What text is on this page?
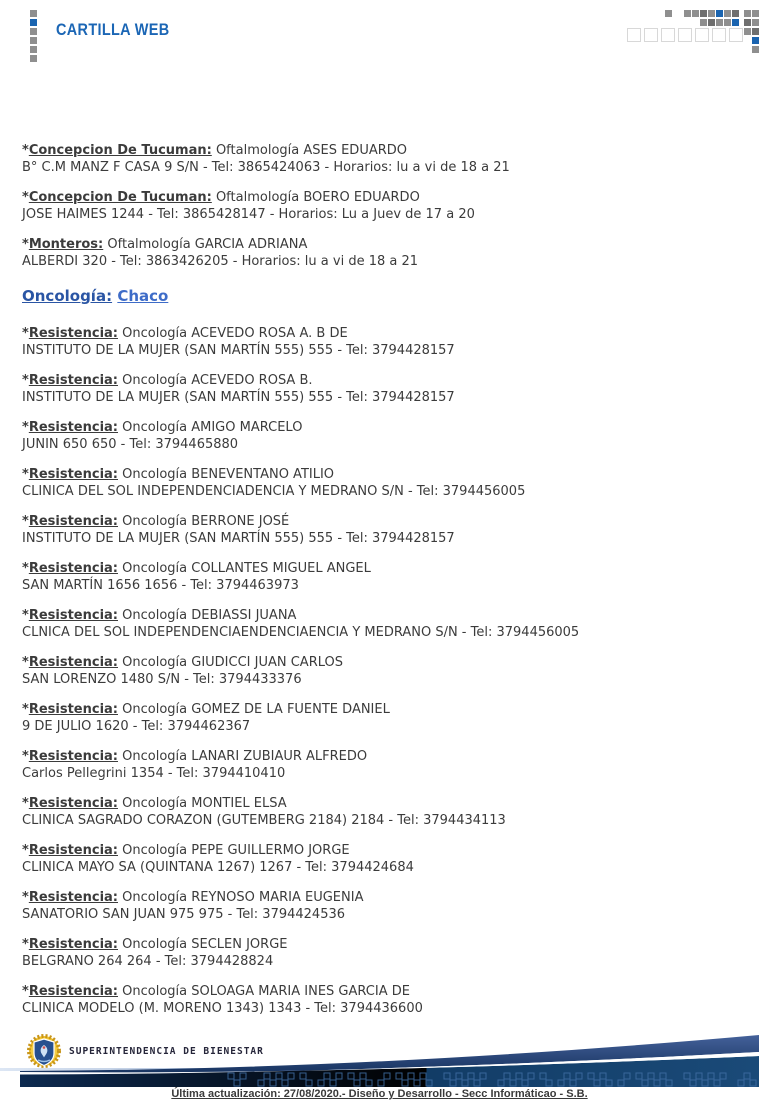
CARTILLA WEB

*Concepcion De Tucuman: Oftalmología ASES EDUARDO
B° C.M MANZ F CASA 9 S/N - Tel: 3865424063 - Horarios: lu a vi de 18 a 21

*Concepcion De Tucuman: Oftalmología BOERO EDUARDO
JOSE HAIMES 1244 - Tel: 3865428147 - Horarios: Lu a Juev de 17 a 20

*Monteros: Oftalmología GARCIA ADRIANA
ALBERDI 320 - Tel: 3863426205 - Horarios: lu a vi de 18 a 21

Oncología: Chaco

*Resistencia: Oncología ACEVEDO ROSA A. B DE
INSTITUTO DE LA MUJER (SAN MARTÍN 555) 555 - Tel: 3794428157

*Resistencia: Oncología ACEVEDO ROSA B.
INSTITUTO DE LA MUJER (SAN MARTÍN 555) 555 - Tel: 3794428157

*Resistencia: Oncología AMIGO MARCELO
JUNIN 650 650 - Tel: 3794465880

*Resistencia: Oncología BENEVENTANO ATILIO
CLINICA DEL SOL INDEPENDENCIADENCIA Y MEDRANO S/N - Tel: 3794456005

*Resistencia: Oncología BERRONE JOSÉ
INSTITUTO DE LA MUJER (SAN MARTÍN 555) 555 - Tel: 3794428157

*Resistencia: Oncología COLLANTES MIGUEL ANGEL
SAN MARTÍN 1656 1656 - Tel: 3794463973

*Resistencia: Oncología DEBIASSI JUANA
CLNICA DEL SOL INDEPENDENCIAENDENCIAENCIA Y MEDRANO S/N - Tel: 3794456005

*Resistencia: Oncología GIUDICCI JUAN CARLOS
SAN LORENZO 1480 S/N - Tel: 3794433376

*Resistencia: Oncología GOMEZ DE LA FUENTE DANIEL
9 DE JULIO 1620 - Tel: 3794462367

*Resistencia: Oncología LANARI ZUBIAUR ALFREDO
Carlos Pellegrini 1354 - Tel: 3794410410

*Resistencia: Oncología MONTIEL ELSA
CLINICA SAGRADO CORAZON (GUTEMBERG 2184) 2184 - Tel: 3794434113

*Resistencia: Oncología PEPE GUILLERMO JORGE
CLINICA MAYO SA (QUINTANA 1267) 1267 - Tel: 3794424684

*Resistencia: Oncología REYNOSO MARIA EUGENIA
SANATORIO SAN JUAN 975 975 - Tel: 3794424536

*Resistencia: Oncología SECLEN JORGE
BELGRANO 264 264 - Tel: 3794428824

*Resistencia: Oncología SOLOAGA MARIA INES GARCIA DE
CLINICA MODELO (M. MORENO 1343) 1343 - Tel: 3794436600

SUPERINTENDENCIA DE BIENESTAR
Última actualización: 27/08/2020.- Diseño y Desarrollo - Secc Informáticao - S.B.
